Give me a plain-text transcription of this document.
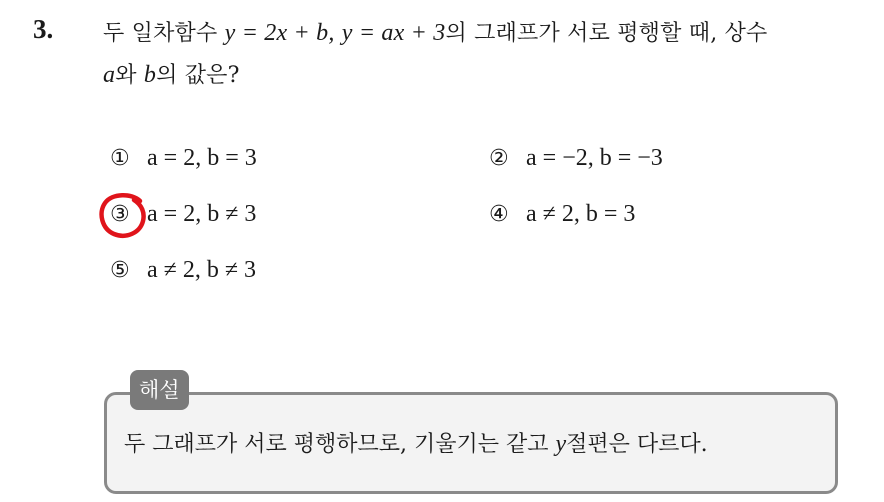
3. 두 일차함수 y = 2x + b, y = ax + 3의 그래프가 서로 평행할 때, 상수
a와 b의 값은?
① a = 2, b = 3	② a = −2, b = −3
③ a = 2, b ≠ 3	④ a ≠ 2, b = 3
⑤ a ≠ 2, b ≠ 3
해설
두 그래프가 서로 평행하므로, 기울기는 같고 y절편은 다르다.
